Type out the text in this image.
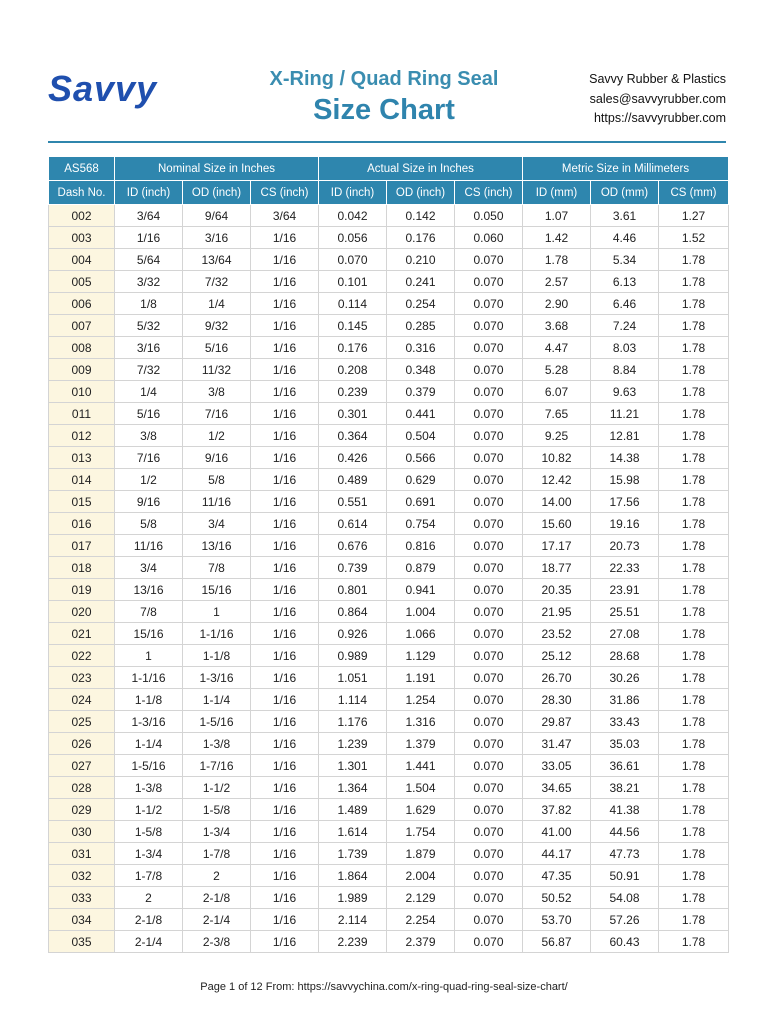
Savvy	X-Ring / Quad Ring Seal
Size Chart
Savvy Rubber & Plastics
sales@savvyrubber.com
https://savvyrubber.com
AS568	Nominal Size in Inches			Actual Size in Inches			Metric Size in Millimeters		
Dash No.	ID (inch)	OD (inch)	CS (inch)	ID (inch)	OD (inch)	CS (inch)	ID (mm)	OD (mm)	CS (mm)
002	3/64	9/64	3/64	0.042	0.142	0.050	1.07	3.61	1.27
003	1/16	3/16	1/16	0.056	0.176	0.060	1.42	4.46	1.52
004	5/64	13/64	1/16	0.070	0.210	0.070	1.78	5.34	1.78
005	3/32	7/32	1/16	0.101	0.241	0.070	2.57	6.13	1.78
006	1/8	1/4	1/16	0.114	0.254	0.070	2.90	6.46	1.78
007	5/32	9/32	1/16	0.145	0.285	0.070	3.68	7.24	1.78
008	3/16	5/16	1/16	0.176	0.316	0.070	4.47	8.03	1.78
009	7/32	11/32	1/16	0.208	0.348	0.070	5.28	8.84	1.78
010	1/4	3/8	1/16	0.239	0.379	0.070	6.07	9.63	1.78
011	5/16	7/16	1/16	0.301	0.441	0.070	7.65	11.21	1.78
012	3/8	1/2	1/16	0.364	0.504	0.070	9.25	12.81	1.78
013	7/16	9/16	1/16	0.426	0.566	0.070	10.82	14.38	1.78
014	1/2	5/8	1/16	0.489	0.629	0.070	12.42	15.98	1.78
015	9/16	11/16	1/16	0.551	0.691	0.070	14.00	17.56	1.78
016	5/8	3/4	1/16	0.614	0.754	0.070	15.60	19.16	1.78
017	11/16	13/16	1/16	0.676	0.816	0.070	17.17	20.73	1.78
018	3/4	7/8	1/16	0.739	0.879	0.070	18.77	22.33	1.78
019	13/16	15/16	1/16	0.801	0.941	0.070	20.35	23.91	1.78
020	7/8	1	1/16	0.864	1.004	0.070	21.95	25.51	1.78
021	15/16	1-1/16	1/16	0.926	1.066	0.070	23.52	27.08	1.78
022	1	1-1/8	1/16	0.989	1.129	0.070	25.12	28.68	1.78
023	1-1/16	1-3/16	1/16	1.051	1.191	0.070	26.70	30.26	1.78
024	1-1/8	1-1/4	1/16	1.114	1.254	0.070	28.30	31.86	1.78
025	1-3/16	1-5/16	1/16	1.176	1.316	0.070	29.87	33.43	1.78
026	1-1/4	1-3/8	1/16	1.239	1.379	0.070	31.47	35.03	1.78
027	1-5/16	1-7/16	1/16	1.301	1.441	0.070	33.05	36.61	1.78
028	1-3/8	1-1/2	1/16	1.364	1.504	0.070	34.65	38.21	1.78
029	1-1/2	1-5/8	1/16	1.489	1.629	0.070	37.82	41.38	1.78
030	1-5/8	1-3/4	1/16	1.614	1.754	0.070	41.00	44.56	1.78
031	1-3/4	1-7/8	1/16	1.739	1.879	0.070	44.17	47.73	1.78
032	1-7/8	2	1/16	1.864	2.004	0.070	47.35	50.91	1.78
033	2	2-1/8	1/16	1.989	2.129	0.070	50.52	54.08	1.78
034	2-1/8	2-1/4	1/16	2.114	2.254	0.070	53.70	57.26	1.78
035	2-1/4	2-3/8	1/16	2.239	2.379	0.070	56.87	60.43	1.78
Page 1 of 12 From: https://savvychina.com/x-ring-quad-ring-seal-size-chart/
